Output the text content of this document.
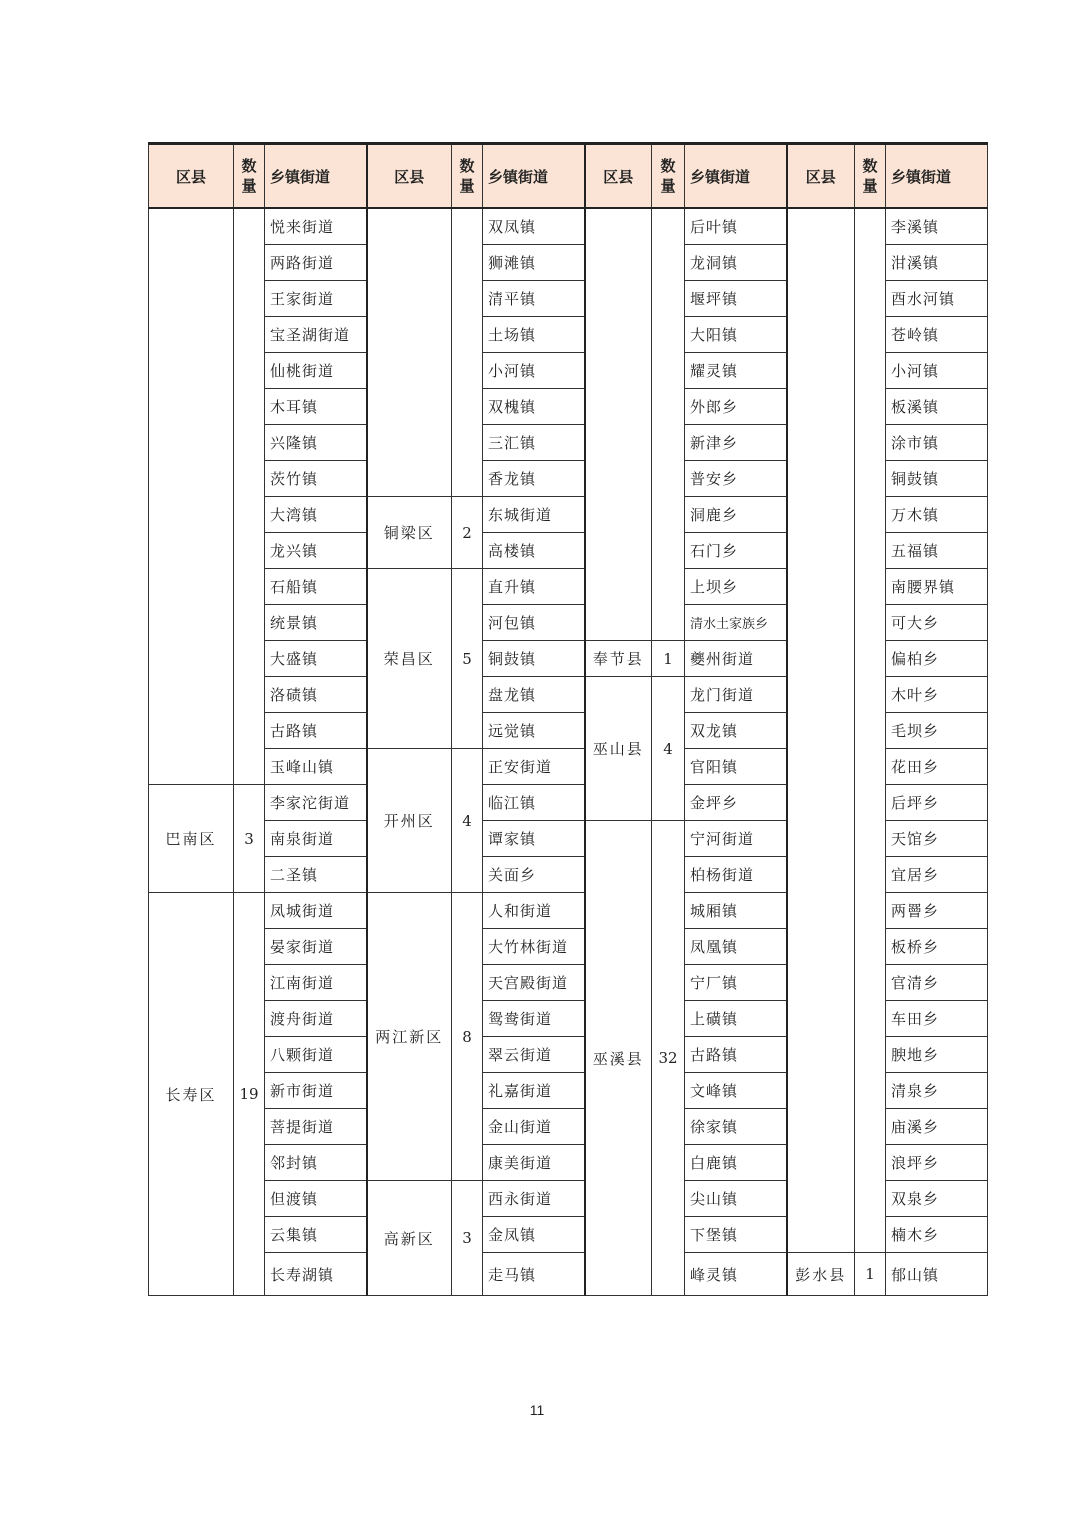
区县	数
量	乡镇街道	区县	数
量	乡镇街道	区县	数
量	乡镇街道	区县	数
量	乡镇街道
		悦来街道			双凤镇			后叶镇			李溪镇
		两路街道			狮滩镇			龙洞镇			泔溪镇
		王家街道			清平镇			堰坪镇			酉水河镇
		宝圣湖街道			土场镇			大阳镇			苍岭镇
		仙桃街道			小河镇			耀灵镇			小河镇
		木耳镇			双槐镇			外郎乡			板溪镇
		兴隆镇			三汇镇			新津乡			涂市镇
		茨竹镇			香龙镇			普安乡			铜鼓镇
		大湾镇	铜梁区	2	东城街道			洞鹿乡			万木镇
		龙兴镇			高楼镇			石门乡			五福镇
		石船镇	荣昌区	5	直升镇			上坝乡			南腰界镇
		统景镇			河包镇			清水土家族乡			可大乡
		大盛镇			铜鼓镇	奉节县	1	夔州街道			偏柏乡
		洛碛镇			盘龙镇	巫山县	4	龙门街道			木叶乡
		古路镇			远觉镇			双龙镇			毛坝乡
		玉峰山镇	开州区	4	正安街道			官阳镇			花田乡
巴南区	3	李家沱街道			临江镇			金坪乡			后坪乡
		南泉街道			谭家镇	巫溪县	32	宁河街道			天馆乡
		二圣镇			关面乡			柏杨街道			宜居乡
长寿区	19	凤城街道	两江新区	8	人和街道			城厢镇			两罾乡
		晏家街道			大竹林街道			凤凰镇			板桥乡
		江南街道			天宫殿街道			宁厂镇			官清乡
		渡舟街道			鸳鸯街道			上磺镇			车田乡
		八颗街道			翠云街道			古路镇			腴地乡
		新市街道			礼嘉街道			文峰镇			清泉乡
		菩提街道			金山街道			徐家镇			庙溪乡
		邻封镇			康美街道			白鹿镇			浪坪乡
		但渡镇	高新区	3	西永街道			尖山镇			双泉乡
		云集镇			金凤镇			下堡镇			楠木乡
		长寿湖镇			走马镇			峰灵镇	彭水县	1	郁山镇
11
